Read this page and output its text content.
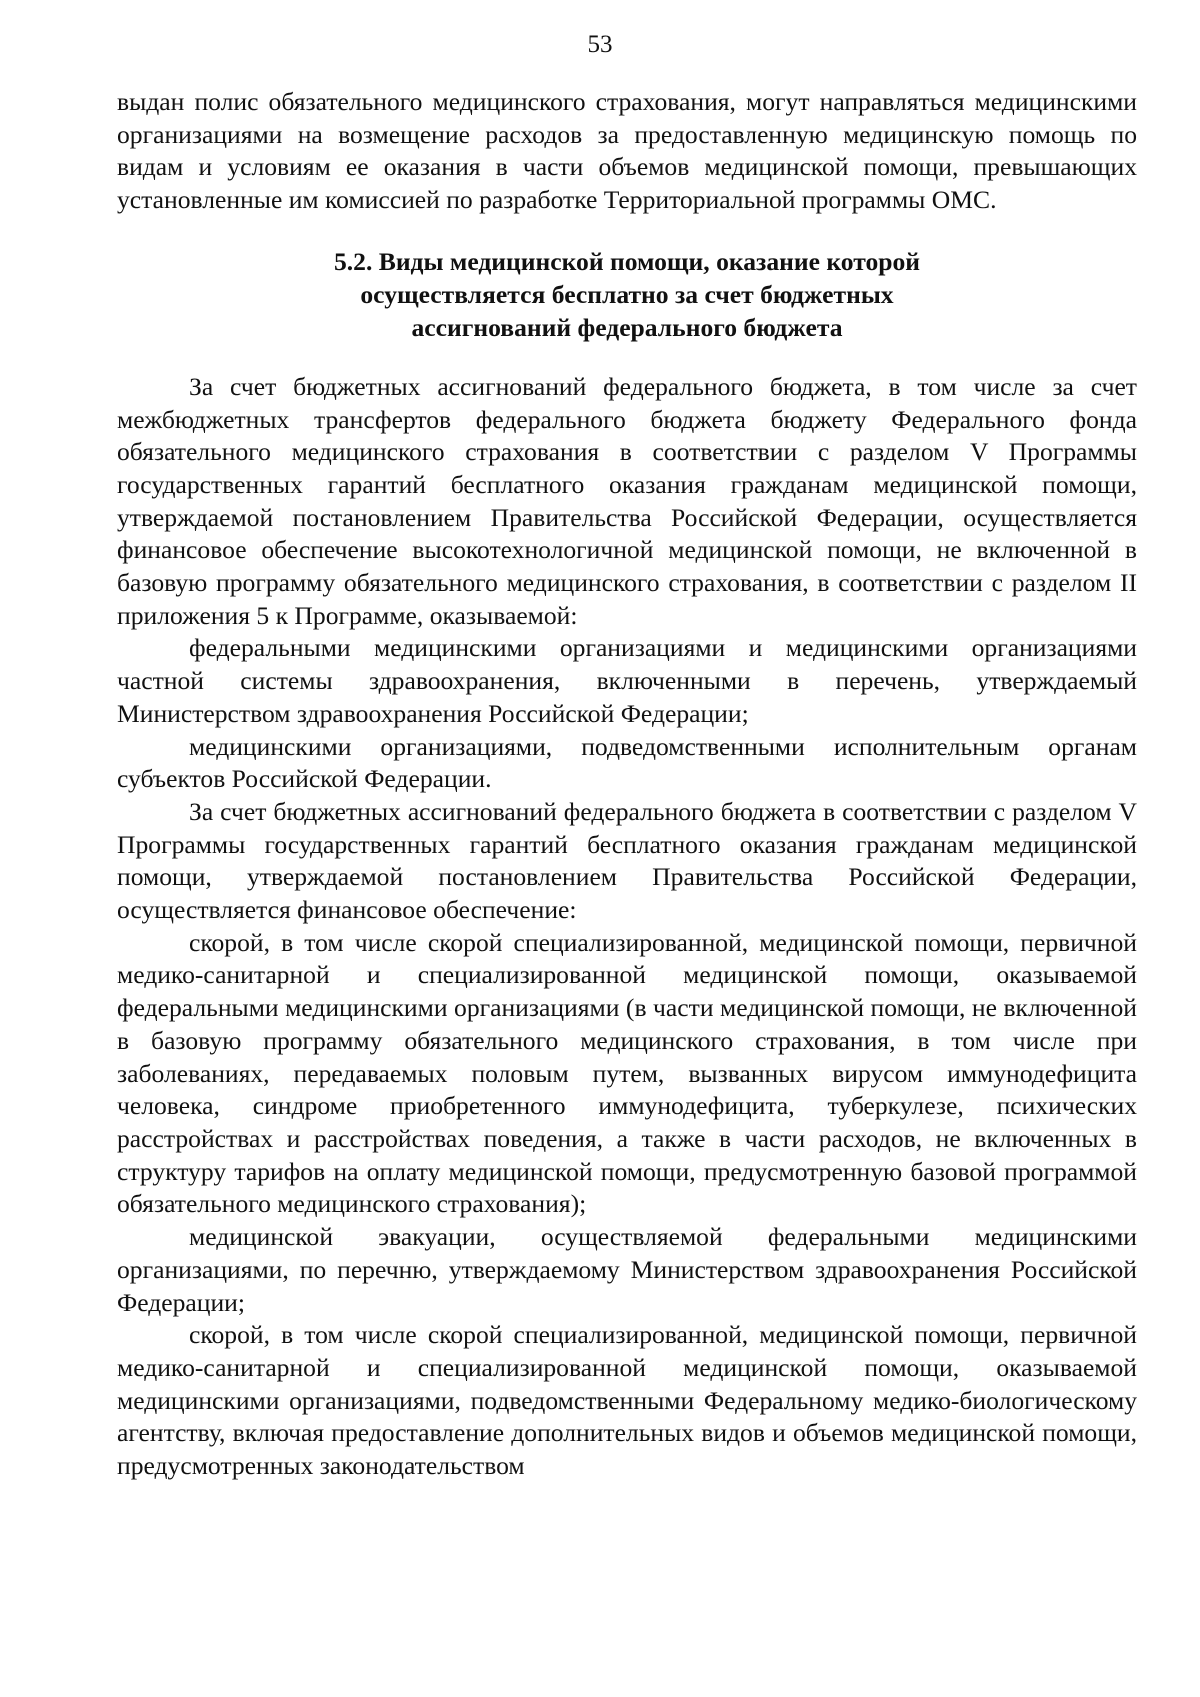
53

выдан полис обязательного медицинского страхования, могут направляться медицинскими организациями на возмещение расходов за предоставленную медицинскую помощь по видам и условиям ее оказания в части объемов медицинской помощи, превышающих установленные им комиссией по разработке Территориальной программы ОМС.

5.2. Виды медицинской помощи, оказание которой
осуществляется бесплатно за счет бюджетных
ассигнований федерального бюджета

За счет бюджетных ассигнований федерального бюджета, в том числе за счет межбюджетных трансфертов федерального бюджета бюджету Федерального фонда обязательного медицинского страхования в соответствии с разделом V Программы государственных гарантий бесплатного оказания гражданам медицинской помощи, утверждаемой постановлением Правительства Российской Федерации, осуществляется финансовое обеспечение высокотехнологичной медицинской помощи, не включенной в базовую программу обязательного медицинского страхования, в соответствии с разделом II приложения 5 к Программе, оказываемой:

федеральными медицинскими организациями и медицинскими организациями частной системы здравоохранения, включенными в перечень, утверждаемый Министерством здравоохранения Российской Федерации;

медицинскими организациями, подведомственными исполнительным органам субъектов Российской Федерации.

За счет бюджетных ассигнований федерального бюджета в соответствии с разделом V Программы государственных гарантий бесплатного оказания гражданам медицинской помощи, утверждаемой постановлением Правительства Российской Федерации, осуществляется финансовое обеспечение:

скорой, в том числе скорой специализированной, медицинской помощи, первичной медико-санитарной и специализированной медицинской помощи, оказываемой федеральными медицинскими организациями (в части медицинской помощи, не включенной в базовую программу обязательного медицинского страхования, в том числе при заболеваниях, передаваемых половым путем, вызванных вирусом иммунодефицита человека, синдроме приобретенного иммунодефицита, туберкулезе, психических расстройствах и расстройствах поведения, а также в части расходов, не включенных в структуру тарифов на оплату медицинской помощи, предусмотренную базовой программой обязательного медицинского страхования);

медицинской эвакуации, осуществляемой федеральными медицинскими организациями, по перечню, утверждаемому Министерством здравоохранения Российской Федерации;

скорой, в том числе скорой специализированной, медицинской помощи, первичной медико-санитарной и специализированной медицинской помощи, оказываемой медицинскими организациями, подведомственными Федеральному медико-биологическому агентству, включая предоставление дополнительных видов и объемов медицинской помощи, предусмотренных законодательством
